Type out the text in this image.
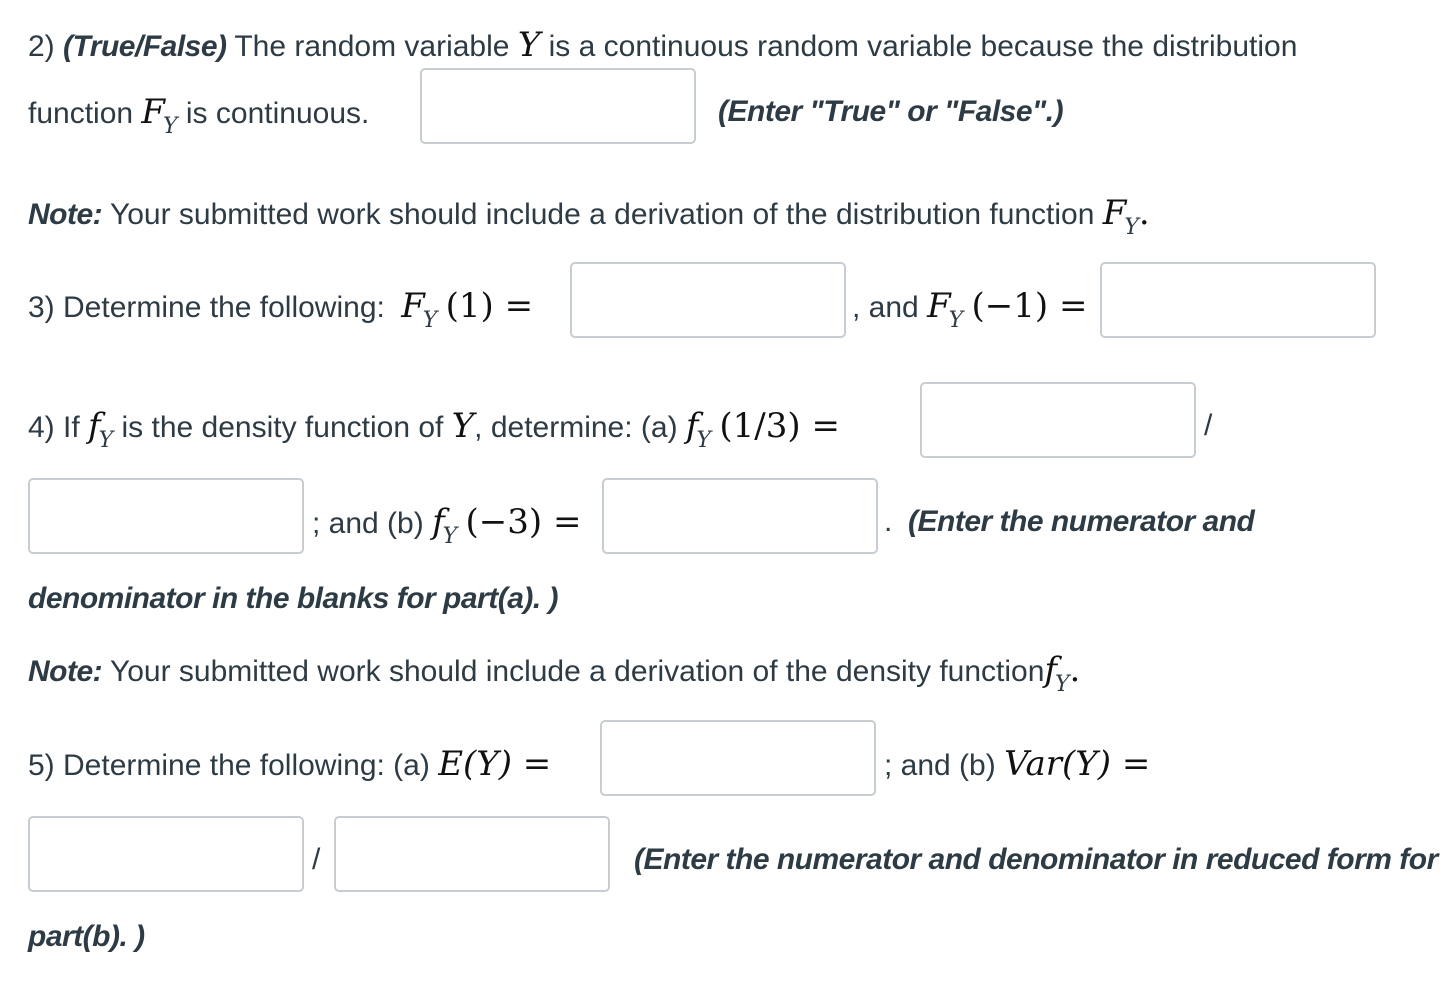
2) (True/False) The random variable Y is a continuous random variable because the distribution
function $F_Y$ is continuous.	(Enter "True" or "False".)
Note: Your submitted work should include a derivation of the distribution function $F_Y$.
3) Determine the following: $F_Y$ (1) =	, and $F_Y$ (−1) =
4) If $f_Y$ is the density function of Y, determine: (a) $f_Y$ (1/3) =	/
; and (b) $f_Y$ (−3) =	. (Enter the numerator and
denominator in the blanks for part(a). )
Note: Your submitted work should include a derivation of the density functionf$_Y$.
5) Determine the following: (a) E(Y) =	; and (b) Var(Y) =
/	(Enter the numerator and denominator in reduced form for
part(b). )
